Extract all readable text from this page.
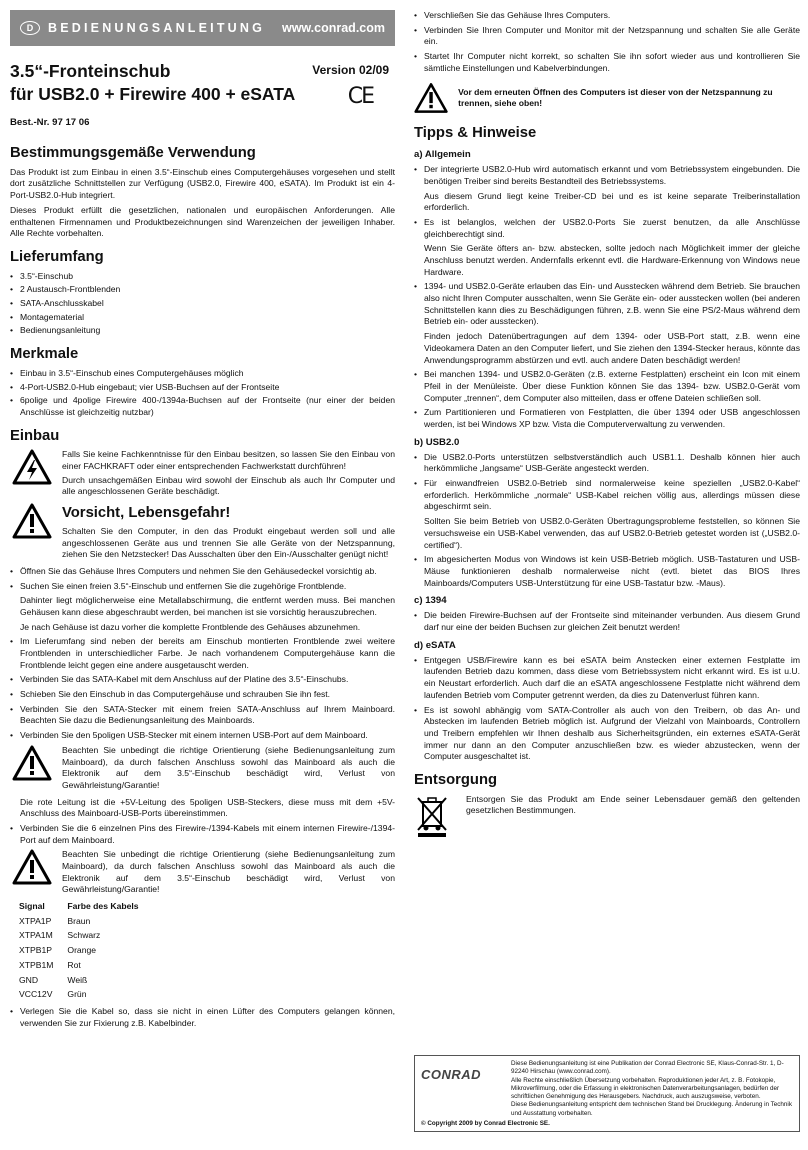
D	BEDIENUNGSANLEITUNG	www.conrad.com
3.5“-Fronteinschub
für USB2.0 + Firewire 400 + eSATA
Version 02/09
CE
Best.-Nr. 97 17 06
Bestimmungsgemäße Verwendung

Das Produkt ist zum Einbau in einen 3.5“-Einschub eines Computergehäuses vorgesehen und stellt dort zusätzliche Schnittstellen zur Verfügung (USB2.0, Firewire 400, eSATA). Im Produkt ist ein 4-Port-USB2.0-Hub integriert.

Dieses Produkt erfüllt die gesetzlichen, nationalen und europäischen Anforderungen. Alle enthaltenen Firmennamen und Produktbezeichnungen sind Warenzeichen der jeweiligen Inhaber. Alle Rechte vorbehalten.

Lieferumfang
• 3.5“-Einschub
• 2 Austausch-Frontblenden
• SATA-Anschlusskabel
• Montagematerial
• Bedienungsanleitung
Merkmale
• Einbau in 3.5“-Einschub eines Computergehäuses möglich
• 4-Port-USB2.0-Hub eingebaut; vier USB-Buchsen auf der Frontseite
• 6polige und 4polige Firewire 400-/1394a-Buchsen auf der Frontseite (nur einer der beiden Anschlüsse ist gleichzeitig nutzbar)
Einbau

Falls Sie keine Fachkenntnisse für den Einbau besitzen, so lassen Sie den Einbau von einer FACHKRAFT oder einer entsprechenden Fachwerkstatt durchführen!

Durch unsachgemäßen Einbau wird sowohl der Einschub als auch Ihr Computer und alle angeschlossenen Geräte beschädigt.

Vorsicht, Lebensgefahr!

Schalten Sie den Computer, in den das Produkt eingebaut werden soll und alle angeschlossenen Geräte aus und trennen Sie alle Geräte von der Netzspannung, ziehen Sie den Netzstecker! Das Ausschalten über den Ein-/Ausschalter genügt nicht!

• Öffnen Sie das Gehäuse Ihres Computers und nehmen Sie den Gehäusedeckel vorsichtig ab.
• Suchen Sie einen freien 3.5“-Einschub und entfernen Sie die zugehörige Frontblende.
Dahinter liegt möglicherweise eine Metallabschirmung, die entfernt werden muss. Bei manchen Gehäusen kann diese abgeschraubt werden, bei manchen ist sie vorsichtig herauszubrechen.
Je nach Gehäuse ist dazu vorher die komplette Frontblende des Gehäuses abzunehmen.
• Im Lieferumfang sind neben der bereits am Einschub montierten Frontblende zwei weitere Frontblenden in unterschiedlicher Farbe. Je nach vorhandenem Computergehäuse kann die Frontblende leicht gegen eine andere ausgetauscht werden.
• Verbinden Sie das SATA-Kabel mit dem Anschluss auf der Platine des 3.5“-Einschubs.
• Schieben Sie den Einschub in das Computergehäuse und schrauben Sie ihn fest.
• Verbinden Sie den SATA-Stecker mit einem freien SATA-Anschluss auf Ihrem Mainboard. Beachten Sie dazu die Bedienungsanleitung des Mainboards.
• Verbinden Sie den 5poligen USB-Stecker mit einem internen USB-Port auf dem Mainboard.

Beachten Sie unbedingt die richtige Orientierung (siehe Bedienungsanleitung zum Mainboard), da durch falschen Anschluss sowohl das Mainboard als auch die Elektronik auf dem 3.5“-Einschub beschädigt wird, Verlust von Gewährleistung/Garantie!

Die rote Leitung ist die +5V-Leitung des 5poligen USB-Steckers, diese muss mit dem +5V-Anschluss des Mainboard-USB-Ports übereinstimmen.

• Verbinden Sie die 6 einzelnen Pins des Firewire-/1394-Kabels mit einem internen Firewire-/1394-Port auf dem Mainboard.

Beachten Sie unbedingt die richtige Orientierung (siehe Bedienungsanleitung zum Mainboard), da durch falschen Anschluss sowohl das Mainboard als auch die Elektronik auf dem 3.5“-Einschub beschädigt wird, Verlust von Gewährleistung/Garantie!

Signal	Farbe des Kabels
XTPA1P	Braun
XTPA1M	Schwarz
XTPB1P	Orange
XTPB1M	Rot
GND	Weiß
VCC12V	Grün
• Verlegen Sie die Kabel so, dass sie nicht in einen Lüfter des Computers gelangen können, verwenden Sie zur Fixierung z.B. Kabelbinder.
• Verschließen Sie das Gehäuse Ihres Computers.
• Verbinden Sie Ihren Computer und Monitor mit der Netzspannung und schalten Sie alle Geräte ein.
• Startet Ihr Computer nicht korrekt, so schalten Sie ihn sofort wieder aus und kontrollieren Sie sämtliche Einstellungen und Kabelverbindungen.
Vor dem erneuten Öffnen des Computers ist dieser von der Netzspannung zu trennen, siehe oben!
Tipps & Hinweise
a) Allgemein
• Der integrierte USB2.0-Hub wird automatisch erkannt und vom Betriebssystem eingebunden. Die benötigen Treiber sind bereits Bestandteil des Betriebssystems.
Aus diesem Grund liegt keine Treiber-CD bei und es ist keine separate Treiberinstallation erforderlich.
• Es ist belanglos, welchen der USB2.0-Ports Sie zuerst benutzen, da alle Anschlüsse gleichberechtigt sind.
Wenn Sie Geräte öfters an- bzw. abstecken, sollte jedoch nach Möglichkeit immer der gleiche Anschluss benutzt werden. Andernfalls erkennt evtl. die Hardware-Erkennung von Windows neue Hardware.
• 1394- und USB2.0-Geräte erlauben das Ein- und Ausstecken während dem Betrieb. Sie brauchen also nicht Ihren Computer ausschalten, wenn Sie Geräte ein- oder ausstecken wollen (bei anderen Schnittstellen kann dies zu Beschädigungen führen, z.B. wenn Sie eine PS/2-Maus während dem Betrieb ein- oder ausstecken).
Finden jedoch Datenübertragungen auf dem 1394- oder USB-Port statt, z.B. wenn eine Videokamera Daten an den Computer liefert, und Sie ziehen den 1394-Stecker heraus, könnte das Anwendungsprogramm abstürzen und evtl. auch andere Daten beschädigt werden!
• Bei manchen 1394- und USB2.0-Geräten (z.B. externe Festplatten) erscheint ein Icon mit einem Pfeil in der Menüleiste. Über diese Funktion können Sie das 1394- bzw. USB2.0-Gerät vom Computer „trennen“, dem Computer also mitteilen, dass er offene Dateien schließen soll.
• Zum Partitionieren und Formatieren von Festplatten, die über 1394 oder USB angeschlossen werden, ist bei Windows XP bzw. Vista die Computerverwaltung zu verwenden.
b) USB2.0
• Die USB2.0-Ports unterstützen selbstverständlich auch USB1.1. Deshalb können hier auch herkömmliche „langsame“ USB-Geräte angesteckt werden.
• Für einwandfreien USB2.0-Betrieb sind normalerweise keine speziellen „USB2.0-Kabel“ erforderlich. Herkömmliche „normale“ USB-Kabel reichen völlig aus, allerdings müssen diese abgeschirmt sein.
Sollten Sie beim Betrieb von USB2.0-Geräten Übertragungsprobleme feststellen, so können Sie versuchsweise ein USB-Kabel verwenden, das auf USB2.0-Betrieb getestet worden ist („USB2.0-certified“).
• Im abgesicherten Modus von Windows ist kein USB-Betrieb möglich. USB-Tastaturen und USB-Mäuse funktionieren deshalb normalerweise nicht (evtl. bietet das BIOS Ihres Mainboards/Computers USB-Unterstützung für eine USB-Tastatur bzw. -Maus).
c) 1394
• Die beiden Firewire-Buchsen auf der Frontseite sind miteinander verbunden. Aus diesem Grund darf nur eine der beiden Buchsen zur gleichen Zeit benutzt werden!
d) eSATA
• Entgegen USB/Firewire kann es bei eSATA beim Anstecken einer externen Festplatte im laufenden Betrieb dazu kommen, dass diese vom Betriebssystem nicht erkannt wird. Es ist u.U. ein Neustart erforderlich. Auch darf die an eSATA angeschlossene Festplatte nicht während dem laufenden Betrieb vom Computer getrennt werden, da dies zu Datenverlust führen kann.
• Es ist sowohl abhängig vom SATA-Controller als auch von den Treibern, ob das An- und Abstecken im laufenden Betrieb möglich ist. Aufgrund der Vielzahl von Mainboards, Controllern und Treibern empfehlen wir Ihnen deshalb aus Sicherheitsgründen, ein externes eSATA-Gerät immer nur dann an den Computer anzuschließen bzw. es wieder abzustecken, wenn der Computer ausgeschaltet ist.
Entsorgung

Entsorgen Sie das Produkt am Ende seiner Lebensdauer gemäß den geltenden gesetzlichen Bestimmungen.

CONRAD
Diese Bedienungsanleitung ist eine Publikation der Conrad Electronic SE, Klaus-Conrad-Str. 1, D-92240 Hirschau (www.conrad.com).
Alle Rechte einschließlich Übersetzung vorbehalten. Reproduktionen jeder Art, z. B. Fotokopie, Mikroverfilmung, oder die Erfassung in elektronischen Datenverarbeitungsanlagen, bedürfen der schriftlichen Genehmigung des Herausgebers. Nachdruck, auch auszugsweise, verboten.
Diese Bedienungsanleitung entspricht dem technischen Stand bei Drucklegung. Änderung in Technik und Ausstattung vorbehalten.
© Copyright 2009 by Conrad Electronic SE.
